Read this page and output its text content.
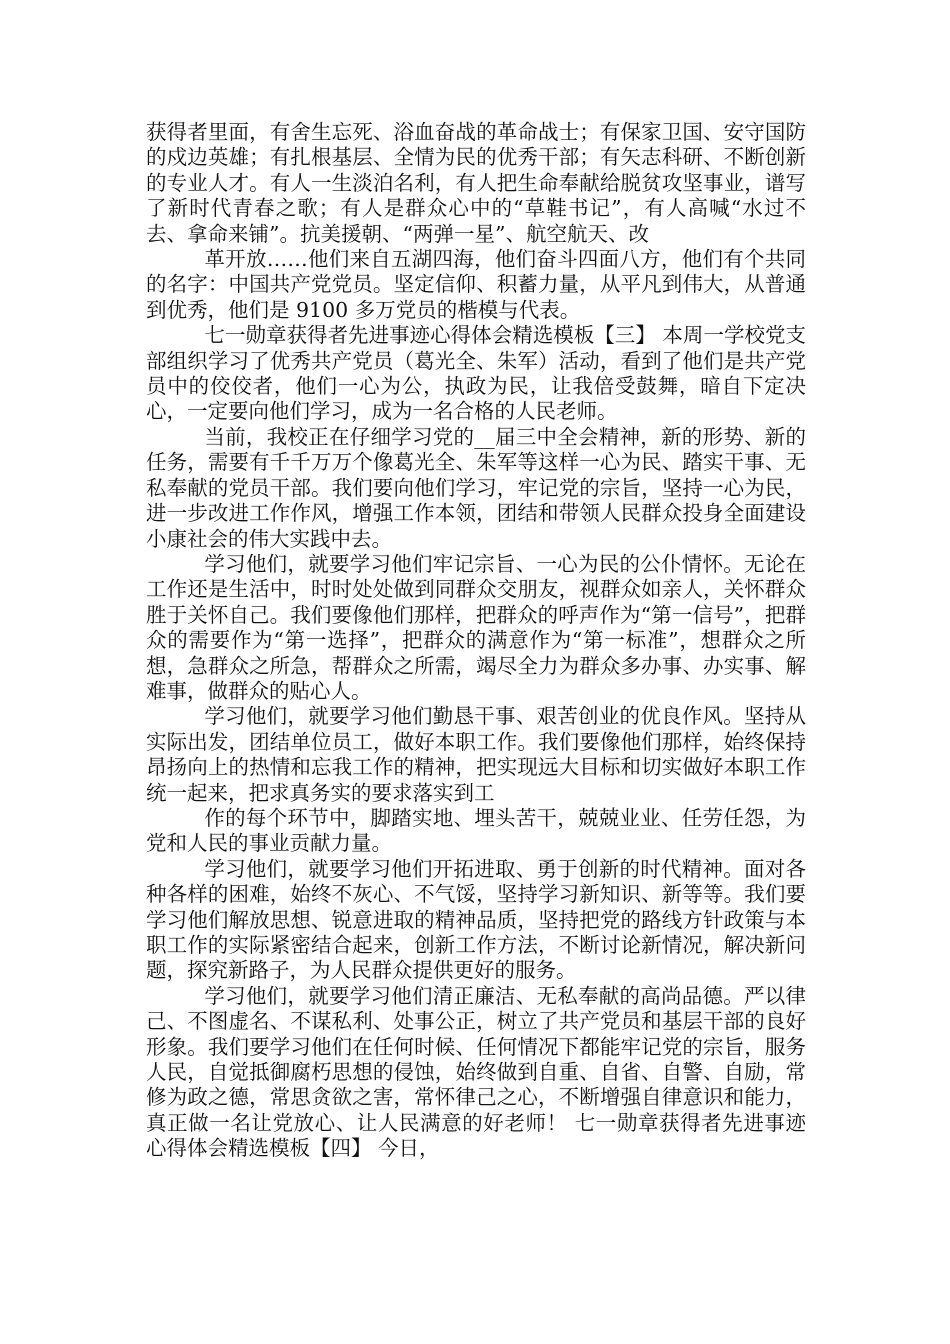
获得者里面，有舍生忘死、浴血奋战的革命战士；有保家卫国、安守国防的戍边英雄；有扎根基层、全情为民的优秀干部；有矢志科研、不断创新的专业人才。有人一生淡泊名利，有人把生命奉献给脱贫攻坚事业，谱写了新时代青春之歌；有人是群众心中的“草鞋书记”，有人高喊“水过不去、拿命来铺”。抗美援朝、“两弹一星”、航空航天、改

革开放……他们来自五湖四海，他们奋斗四面八方，他们有个共同的名字：中国共产党党员。坚定信仰、积蓄力量，从平凡到伟大，从普通到优秀，他们是 9100 多万党员的楷模与代表。

七一勋章获得者先进事迹心得体会精选模板【三】 本周一学校党支部组织学习了优秀共产党员（葛光全、朱军）活动，看到了他们是共产党员中的佼佼者，他们一心为公，执政为民，让我倍受鼓舞，暗自下定决心，一定要向他们学习，成为一名合格的人民老师。

当前，我校正在仔细学习党的__届三中全会精神，新的形势、新的任务，需要有千千万万个像葛光全、朱军等这样一心为民、踏实干事、无私奉献的党员干部。我们要向他们学习，牢记党的宗旨，坚持一心为民，进一步改进工作作风，增强工作本领，团结和带领人民群众投身全面建设小康社会的伟大实践中去。

学习他们，就要学习他们牢记宗旨、一心为民的公仆情怀。无论在工作还是生活中，时时处处做到同群众交朋友，视群众如亲人，关怀群众胜于关怀自己。我们要像他们那样，把群众的呼声作为“第一信号”，把群众的需要作为“第一选择”，把群众的满意作为“第一标准”，想群众之所想，急群众之所急，帮群众之所需，竭尽全力为群众多办事、办实事、解难事，做群众的贴心人。

学习他们，就要学习他们勤恳干事、艰苦创业的优良作风。坚持从实际出发，团结单位员工，做好本职工作。我们要像他们那样，始终保持昂扬向上的热情和忘我工作的精神，把实现远大目标和切实做好本职工作统一起来，把求真务实的要求落实到工

作的每个环节中，脚踏实地、埋头苦干，兢兢业业、任劳任怨，为党和人民的事业贡献力量。

学习他们，就要学习他们开拓进取、勇于创新的时代精神。面对各种各样的困难，始终不灰心、不气馁，坚持学习新知识、新等等。我们要学习他们解放思想、锐意进取的精神品质，坚持把党的路线方针政策与本职工作的实际紧密结合起来，创新工作方法，不断讨论新情况，解决新问题，探究新路子，为人民群众提供更好的服务。

学习他们，就要学习他们清正廉洁、无私奉献的高尚品德。严以律己、不图虚名、不谋私利、处事公正，树立了共产党员和基层干部的良好形象。我们要学习他们在任何时候、任何情况下都能牢记党的宗旨，服务人民，自觉抵御腐朽思想的侵蚀，始终做到自重、自省、自警、自励，常修为政之德，常思贪欲之害，常怀律己之心，不断增强自律意识和能力，真正做一名让党放心、让人民满意的好老师！ 七一勋章获得者先进事迹心得体会精选模板【四】 今日，
